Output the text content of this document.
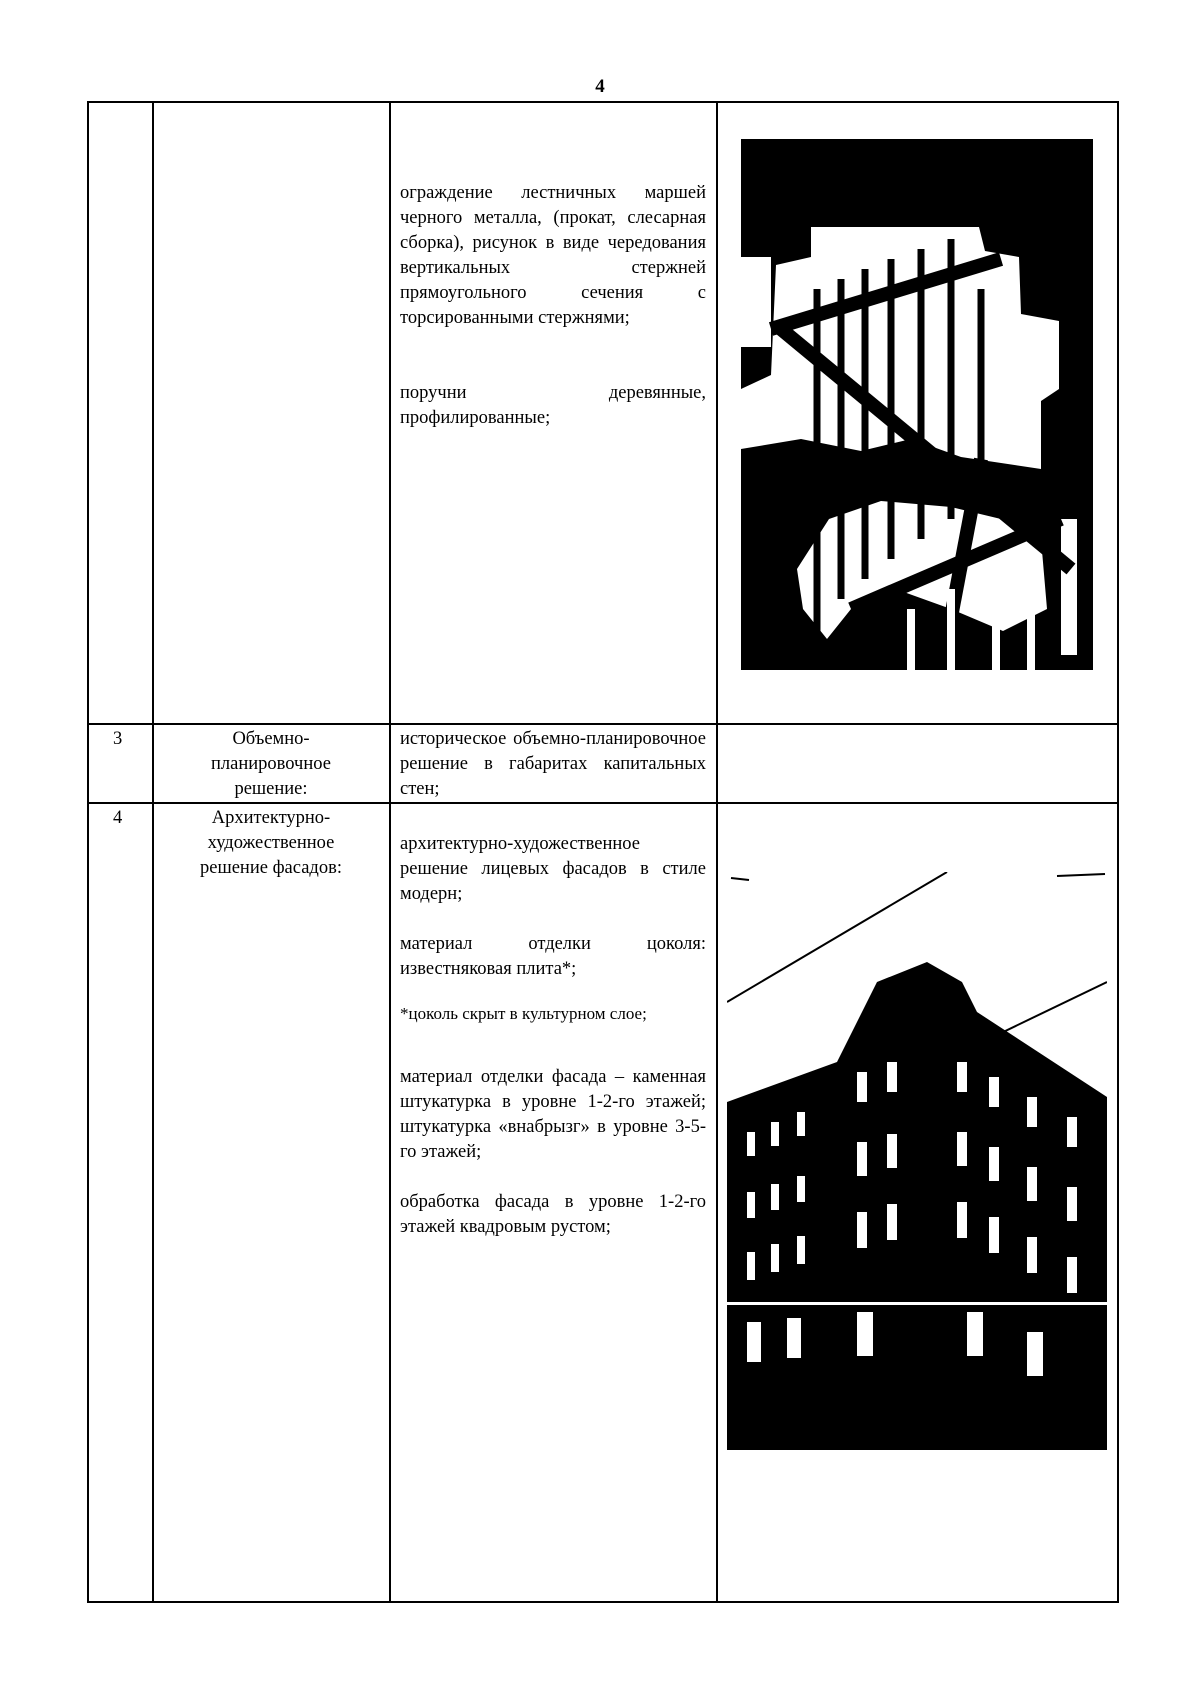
4

ограждение лестничных маршей черного металла, (прокат, слесарная сборка), рисунок в виде чередования вертикальных стержней прямоугольного сечения с торсированными стержнями;

поручни деревянные, профилированные;

3	Объемно-планировочное решение:

историческое объемно-планировочное решение в габаритах капитальных стен;

4	Архитектурно-художественное решение фасадов:

архитектурно-художественное решение лицевых фасадов в стиле модерн;

материал отделки цоколя: известняковая плита*;

*цоколь скрыт в культурном слое;

материал отделки фасада – каменная штукатурка в уровне 1-2-го этажей; штукатурка «внабрызг» в уровне 3-5-го этажей;

обработка фасада в уровне 1-2-го этажей квадровым рустом;
